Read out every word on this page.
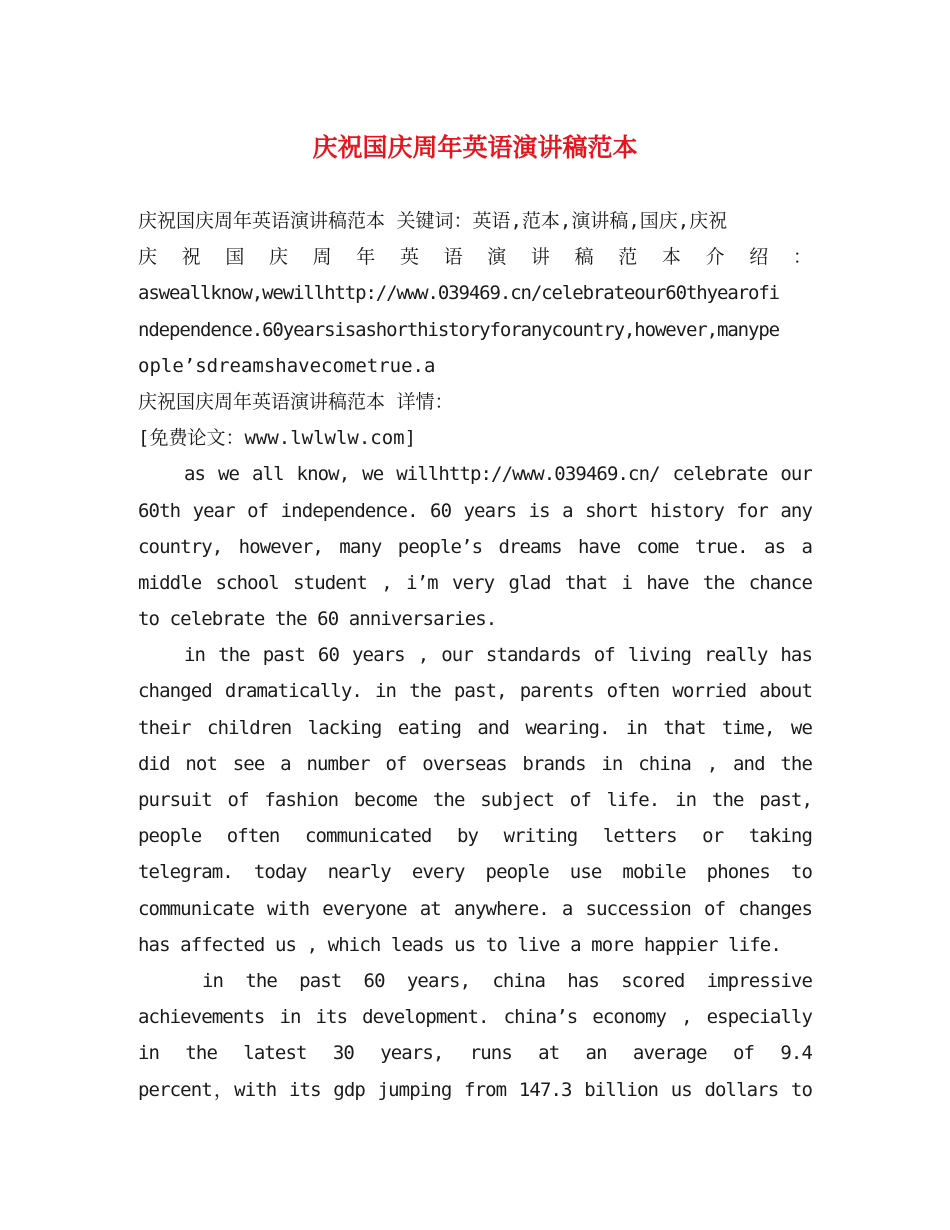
庆祝国庆周年英语演讲稿范本
庆祝国庆周年英语演讲稿范本 关键词：英语,范本,演讲稿,国庆,庆祝
庆 祝 国 庆 周 年 英 语 演 讲 稿 范 本 介 绍 ：
asweallknow,wewillhttp://www.039469.cn/celebrateour60thyearofi
ndependence.60yearsisashorthistoryforanycountry,however,manype
ople’sdreamshavecometrue.a
庆祝国庆周年英语演讲稿范本 详情：
[免费论文：www.lwlwlw.com]
as we all know, we willhttp://www.039469.cn/ celebrate our
60th year of independence. 60 years is a short history for any
country, however, many people’s dreams have come true. as a
middle school student , i’m very glad that i have the chance
to celebrate the 60 anniversaries.
in the past 60 years , our standards of living really has
changed dramatically. in the past, parents often worried about
their children lacking eating and wearing. in that time, we
did not see a number of overseas brands in china , and the
pursuit of fashion become the subject of life. in the past,
people often communicated by writing letters or taking
telegram. today nearly every people use mobile phones to
communicate with everyone at anywhere. a succession of changes
has affected us , which leads us to live a more happier life.
in the past 60 years, china has scored impressive
achievements in its development. china’s economy , especially
in the latest 30 years, runs at an average of 9.4
percent，with its gdp jumping from 147.3 billion us dollars to
